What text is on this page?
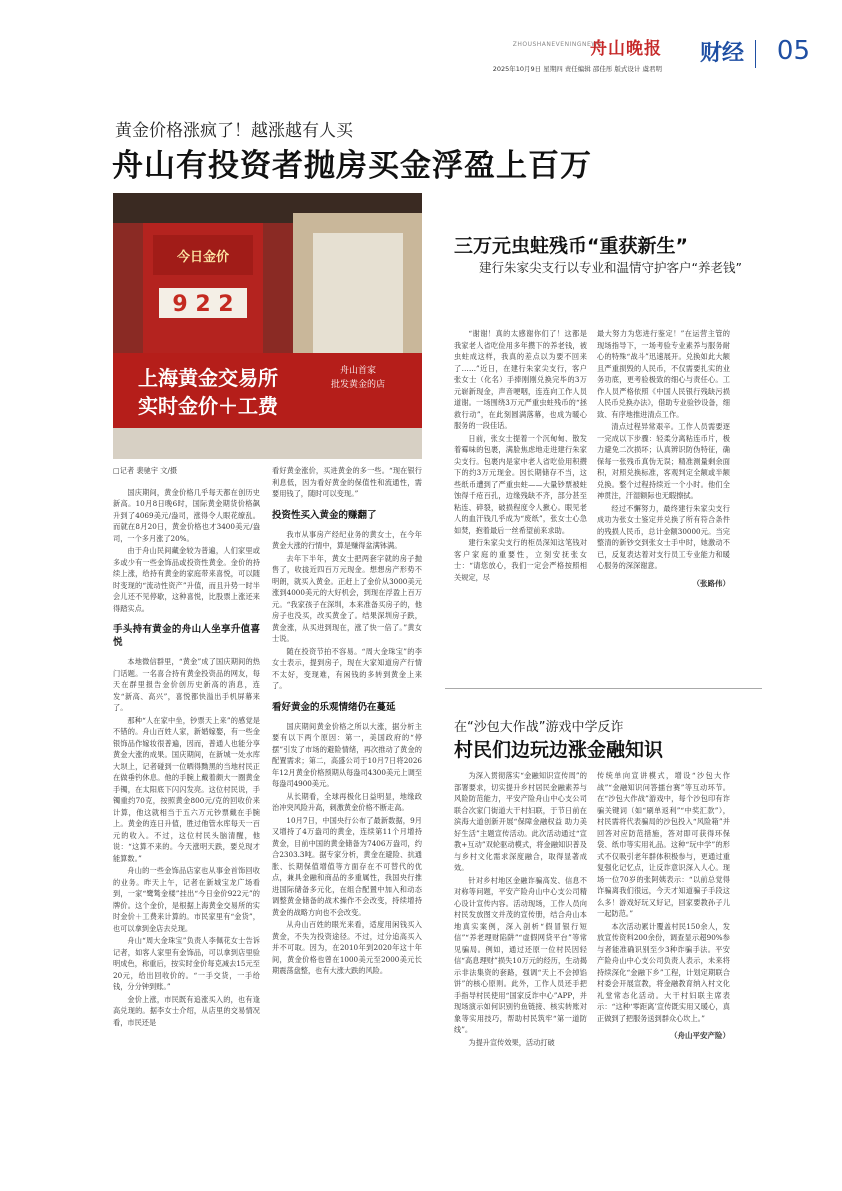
ZHOUSHANEVENINGNEWS
舟山晚报 财经 05
2025年10月9日 星期四 责任编辑 邵佳彤 版式设计 虞君明
黄金价格涨疯了！越涨越有人买
舟山有投资者抛房买金浮盈上百万
今日金价
9 2 2
上海黄金交易所
实时金价＋工费
舟山首家
批发黄金的店
□记者 裴驰宇 文/摄

国庆期间，黄金价格几乎每天都在创历史新高。10月8日晚6时，国际黄金期货价格飙升到了4069美元/盎司，涨得令人眼花缭乱。而就在8月20日，黄金价格也才3400美元/盎司，一个多月涨了20%。

由于舟山民间藏金较为普遍，人们家里或多或少有一些金饰品或投资性黄金。金价的持续上涨，给持有黄金的家庭带来喜悦，可以随时变现的“流动性资产”升值，而且升势一时半会儿还不见停歇，这种喜悦，比股票上涨还来得踏实点。

手头持有黄金的舟山人坐享升值喜悦

本地微信群里，“黄金”成了国庆期间的热门话题。一名喜合持有黄金投资品的网友，每天在群里报告金价创历史新高的消息，连发“新高、高兴”，喜悦都快溢出手机屏幕来了。

那种“人在家中坐，钞票天上来”的感觉是不错的。舟山百姓人家，新婚嫁娶，有一些金银饰品作嫁妆很普遍，因而，普通人也能分享黄金大涨的成果。国庆期间，在新城一处水库大坝上，记者碰到一位晒得黝黑的当地村民正在做垂钓休息。他的手腕上戴着颇大一圈黄金手镯，在太阳底下闪闪发亮。这位村民说，手镯重约70克，按照黄金800元/克的回收价来计算，他这就相当于五六万元钞票戴在手腕上。黄金的连日升值，胜过他管水库每天一百元的收入。不过，这位村民头脑清醒，他说：“这算不来的。今天涨明天跌，要兑现才能算数。”

舟山的一些金饰品店家也从事金首饰回收的业务。昨天上午，记者在新城宝龙广场看到，一家“鹭鸶金楼”挂出“今日金价922元”的牌价。这个金价，是根据上海黄金交易所的实时金价＋工费来计算的。市民家里有“金货”，也可以拿到金店去兑现。

舟山“周大金珠宝”负责人李佩花女士告诉记者，如客人家里有金饰品，可以拿到店里验明成色，称重后，按实时金价每克减去15元至20元，给出回收价的。“一手交货，一手给钱，分分钟到账。”

金价上涨，市民既有追涨买入的，也有逢高兑现的。据李女士介绍，从店里的交易情况看，市民还是

看好黄金涨价，买进黄金的多一些。“现在银行利息低，因为看好黄金的保值性和流通性，需要用钱了，随时可以变现。”

投资性买入黄金的赚翻了

我市从事房产经纪业务的黄女士，在今年黄金大涨的行情中，算是赚得盆满钵满。

去年下半年，黄女士把两套字就的房子抛售了，收拢近四百万元现金。想想房产形势不明朗，就买入黄金。正赶上了金价从3000美元涨到4000美元的大好机会，到现在浮盈上百万元。“我家孩子在深圳，本来准备买房子的，他房子也没买，改买黄金了。结果深圳房子跌，黄金涨，从买进到现在，涨了快一倍了。”黄女士说。

随在投资节拍不容易。“周大金珠宝”的李女士表示，提到房子，现在大家知道房产行情不太好，变现难，有闲钱的多转到黄金上来了。

看好黄金的乐观情绪仍在蔓延

国庆期间黄金价格之所以大涨，据分析主要有以下两个原因：第一，美国政府的“停摆”引发了市场的避险情绪，再次推动了黄金的配置需求；第二，高盛公司于10月7日将2026年12月黄金价格预期从每盎司4300美元上调至每盎司4900美元。

从长期看，全球再极化日益明显，地缘政治冲突风险升高，刺激黄金价格不断走高。

10月7日，中国央行公布了最新数据，9月又增持了4万盎司的黄金，连续第11个月增持黄金，目前中国的黄金储备为7406万盎司，约合2303.3吨。据专家分析，黄金在避险、抗通胀、长期保值增值等方面存在不可替代的优点，兼具金融和商品的多重属性，我国央行推进国际储备多元化，在组合配置中加入和动态调整黄金储备的战术操作不会改变，持续增持黄金的战略方向也不会改变。

从舟山百姓的眼光来看，适度用闲钱买入黄金，不失为投资途径。不过，过分追高买入并不可取。因为，在2010年到2020年这十年间，黄金价格也曾在1000美元至2000美元长期震荡盘整，也有大涨大跌的风险。

三万元虫蛀残币“重获新生”
建行朱家尖支行以专业和温情守护客户“养老钱”

“谢谢！真的太感谢你们了！这都是我家老人省吃俭用多年攒下的养老钱，被虫蛀成这样，我真的差点以为要不回来了……”近日，在建行朱家尖支行，客户张女士（化名）手捧刚刚兑换完毕的3万元崭新现金，声音哽咽，连连向工作人员道谢。一场围绕3万元严重虫蛀残币的“拯救行动”，在此刻圆满落幕，也成为暖心服务的一段佳话。

日前，张女士提着一个沉甸甸、散发着霉味的包裹，满脸焦虑地走进建行朱家尖支行。包裹内是家中老人省吃俭用积攒下的约3万元现金。因长期储存不当，这些纸币遭到了严重虫蛀——大量钞票被蛀蚀得千疮百孔，边缘残缺不齐，部分甚至粘连、碎裂，破损程度令人揪心。眼见老人的血汗钱几乎成为“废纸”，张女士心急如焚，抱着最后一丝希望前来求助。

建行朱家尖支行的柜员深知这笔钱对客户家庭的重要性，立刻安抚张女士：“请您放心，我们一定会严格按照相关规定，尽

最大努力为您进行鉴定！”在运营主管的现场指导下，一场考验专业素养与服务耐心的特殊“战斗”迅速展开。兑换如此大额且严重损毁的人民币，不仅需要扎实的业务功底，更考验极致的细心与责任心。工作人员严格依照《中国人民银行残缺污损人民币兑换办法》，借助专业验钞设备，细致、有序地推进清点工作。

清点过程异常艰辛。工作人员需要逐一完成以下步骤：轻柔分离粘连币片，极力避免二次损坏；认真辨识防伪特征，确保每一张残币真伪无误；精准测量剩余面积，对照兑换标准，客观判定全额或半额兑换。整个过程持续近一个小时。他们全神贯注，汗湿额际也无暇擦拭。

经过不懈努力，最终建行朱家尖支行成功为张女士鉴定并兑换了所有符合条件的残损人民币，总计金额30000元。当完整清的新钞交到张女士手中时，她激动不已，反复表达着对支行员工专业能力和暖心服务的深深谢意。

（张路伟）
在“沙包大作战”游戏中学反诈
村民们边玩边涨金融知识

为深入贯彻落实“金融知识宣传周”的部署要求，切实提升乡村居民金融素养与风险防范能力，平安产险舟山中心支公司联合次家门街道大干村妇联，于节日前在滨海大道创新开展“保障金融权益 助力美好生活”主题宣传活动。此次活动通过“宣教+互动”双轮驱动模式，将金融知识普及与乡村文化需求深度融合，取得显著成效。

针对乡村地区金融诈骗高发、信息不对称等问题，平安产险舟山中心支公司精心设计宣传内容。活动现场，工作人员向村民发放图文并茂的宣传册，结合舟山本地真实案例，深入剖析“假冒银行短信”“养老理财陷阱”“虚假网贷平台”等常见骗局。例如，通过还原一位村民因轻信“高息理财”损失10万元的经历，生动揭示非法集资的套路，强调“天上不会掉馅饼”的核心原则。此外，工作人员还手把手指导村民使用“国家反诈中心”APP，并现场演示如何识别钓鱼链接、核实转账对象等实用技巧，帮助村民筑牢“第一道防线”。

为提升宣传效果，活动打破

传统单向宣讲模式，增设“沙包大作战”“金融知识问答擂台赛”等互动环节。在“沙包大作战”游戏中，每个沙包印有诈骗关键词（如“刷单返利”“中奖汇款”），村民需将代表骗局的沙包投入“风险箱”并回答对应防范措施，答对即可获得环保袋、纸巾等实用礼品。这种“玩中学”的形式不仅吸引老年群体积极参与，更通过重复强化记忆点，让反诈意识深入人心。现场一位70岁的张阿姨表示：“以前总觉得诈骗离我们很远，今天才知道骗子手段这么多！游戏好玩又好记，回家要教孙子儿一起防范。”

本次活动累计覆盖村民150余人，发放宣传资料200余份，调查显示超90%参与者能准确识别至少3种诈骗手法。平安产险舟山中心支公司负责人表示，未来将持续深化“金融下乡”工程，计划定期联合村委会开展宣教，将金融教育纳入村文化礼堂常态化活动。大干村妇联主席表示：“这种‘零距离’宣传既实用又暖心，真正做到了把服务送到群众心坎上。”

（舟山平安产险）
